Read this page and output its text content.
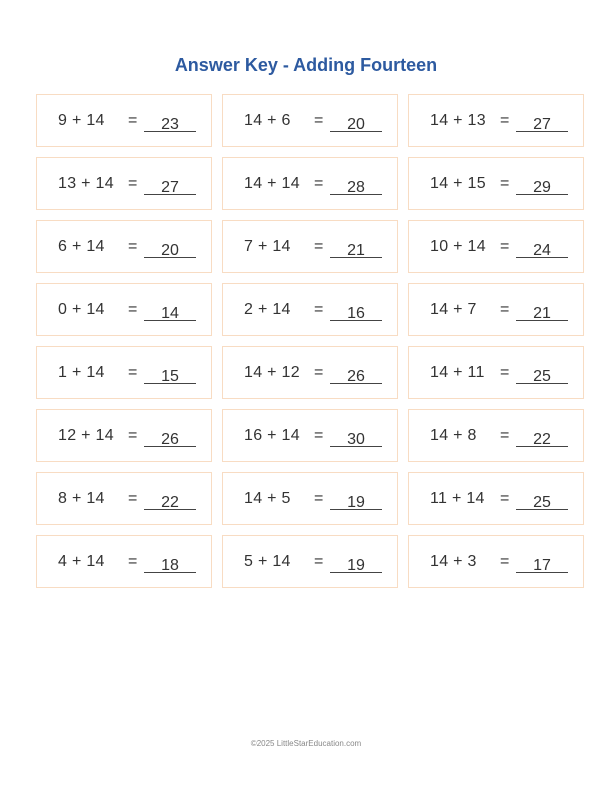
Answer Key - Adding Fourteen
9 + 14	=	23	14 + 6	=	20	14 + 13 =	27
13 + 14 =	27	14 + 14 =	28	14 + 15 =	29
6 + 14	=	20	7 + 14	=	21	10 + 14 =	24
0 + 14	=	14	2 + 14	=	16	14 + 7	=	21
1 + 14	=	15	14 + 12 =	26	14 + 11 =	25
12 + 14 =	26	16 + 14 =	30	14 + 8	=	22
8 + 14	=	22	14 + 5	=	19	11 + 14 =	25
4 + 14	=	18	5 + 14	=	19	14 + 3	=	17
©2025 LittleStarEducation.com
